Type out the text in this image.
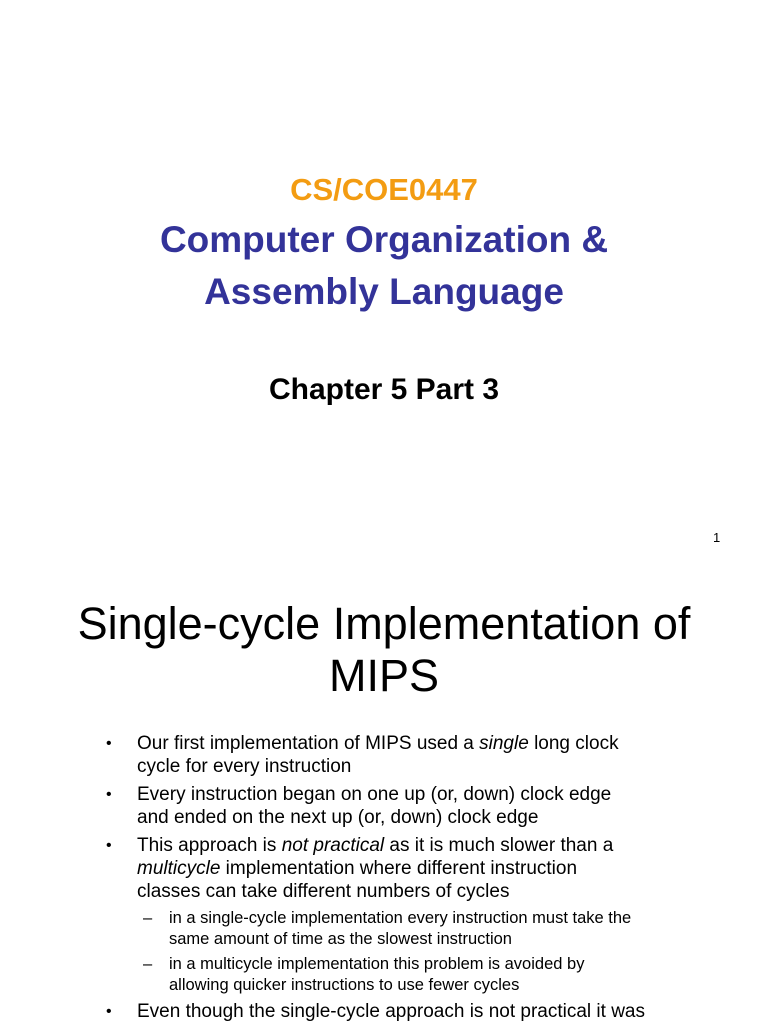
CS/COE0447
Computer Organization &
Assembly Language
Chapter 5 Part 3
1
Single-cycle Implementation of
MIPS
• Our first implementation of MIPS used a single long clock
cycle for every instruction
• Every instruction began on one up (or, down) clock edge
and ended on the next up (or, down) clock edge
• This approach is not practical as it is much slower than a
multicycle implementation where different instruction
classes can take different numbers of cycles
– in a single-cycle implementation every instruction must take the
same amount of time as the slowest instruction
– in a multicycle implementation this problem is avoided by
allowing quicker instructions to use fewer cycles
• Even though the single-cycle approach is not practical it was
